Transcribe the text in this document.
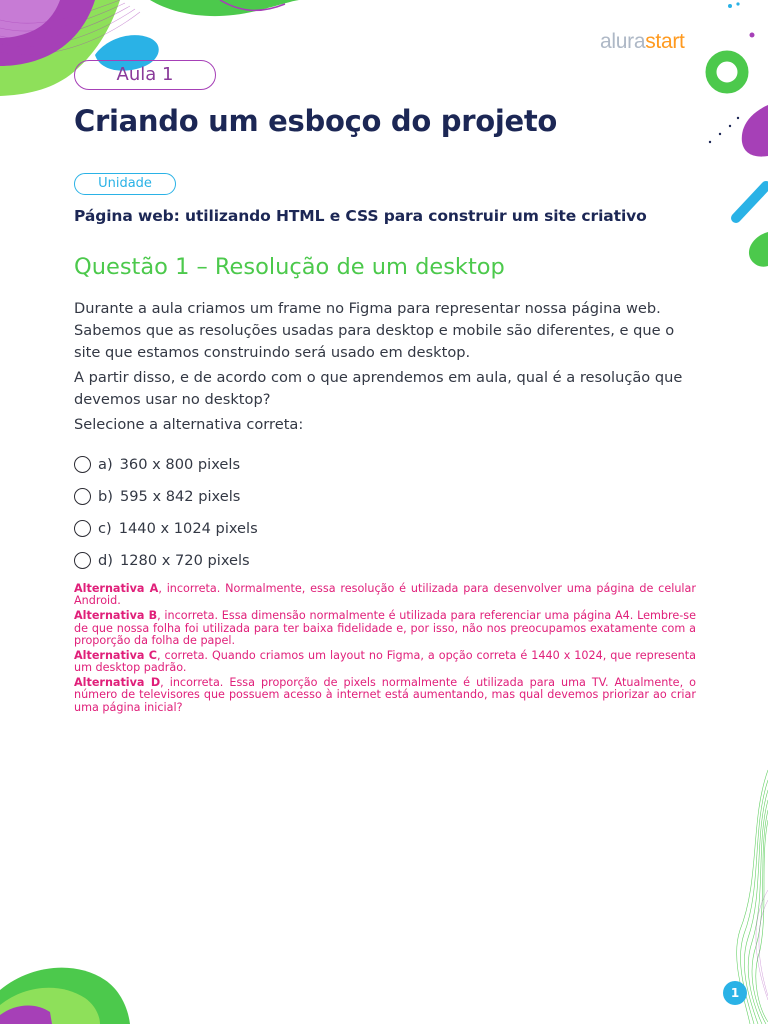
alurastart
Aula 1
Criando um esboço do projeto
Unidade
Página web: utilizando HTML e CSS para construir um site criativo
Questão 1 – Resolução de um desktop

Durante a aula criamos um frame no Figma para representar nossa página web. Sabemos que as resoluções usadas para desktop e mobile são diferentes, e que o site que estamos construindo será usado em desktop.

A partir disso, e de acordo com o que aprendemos em aula, qual é a resolução que devemos usar no desktop?

Selecione a alternativa correta:

a) 360 x 800 pixels
b) 595 x 842 pixels
c) 1440 x 1024 pixels
d) 1280 x 720 pixels

Alternativa A, incorreta. Normalmente, essa resolução é utilizada para desenvolver uma página de celular Android.

Alternativa B, incorreta. Essa dimensão normalmente é utilizada para referenciar uma página A4. Lembre-se de que nossa folha foi utilizada para ter baixa fidelidade e, por isso, não nos preocupamos exatamente com a proporção da folha de papel.

Alternativa C, correta. Quando criamos um layout no Figma, a opção correta é 1440 x 1024, que representa um desktop padrão.

Alternativa D, incorreta. Essa proporção de pixels normalmente é utilizada para uma TV. Atualmente, o número de televisores que possuem acesso à internet está aumentando, mas qual devemos priorizar ao criar uma página inicial?

1
